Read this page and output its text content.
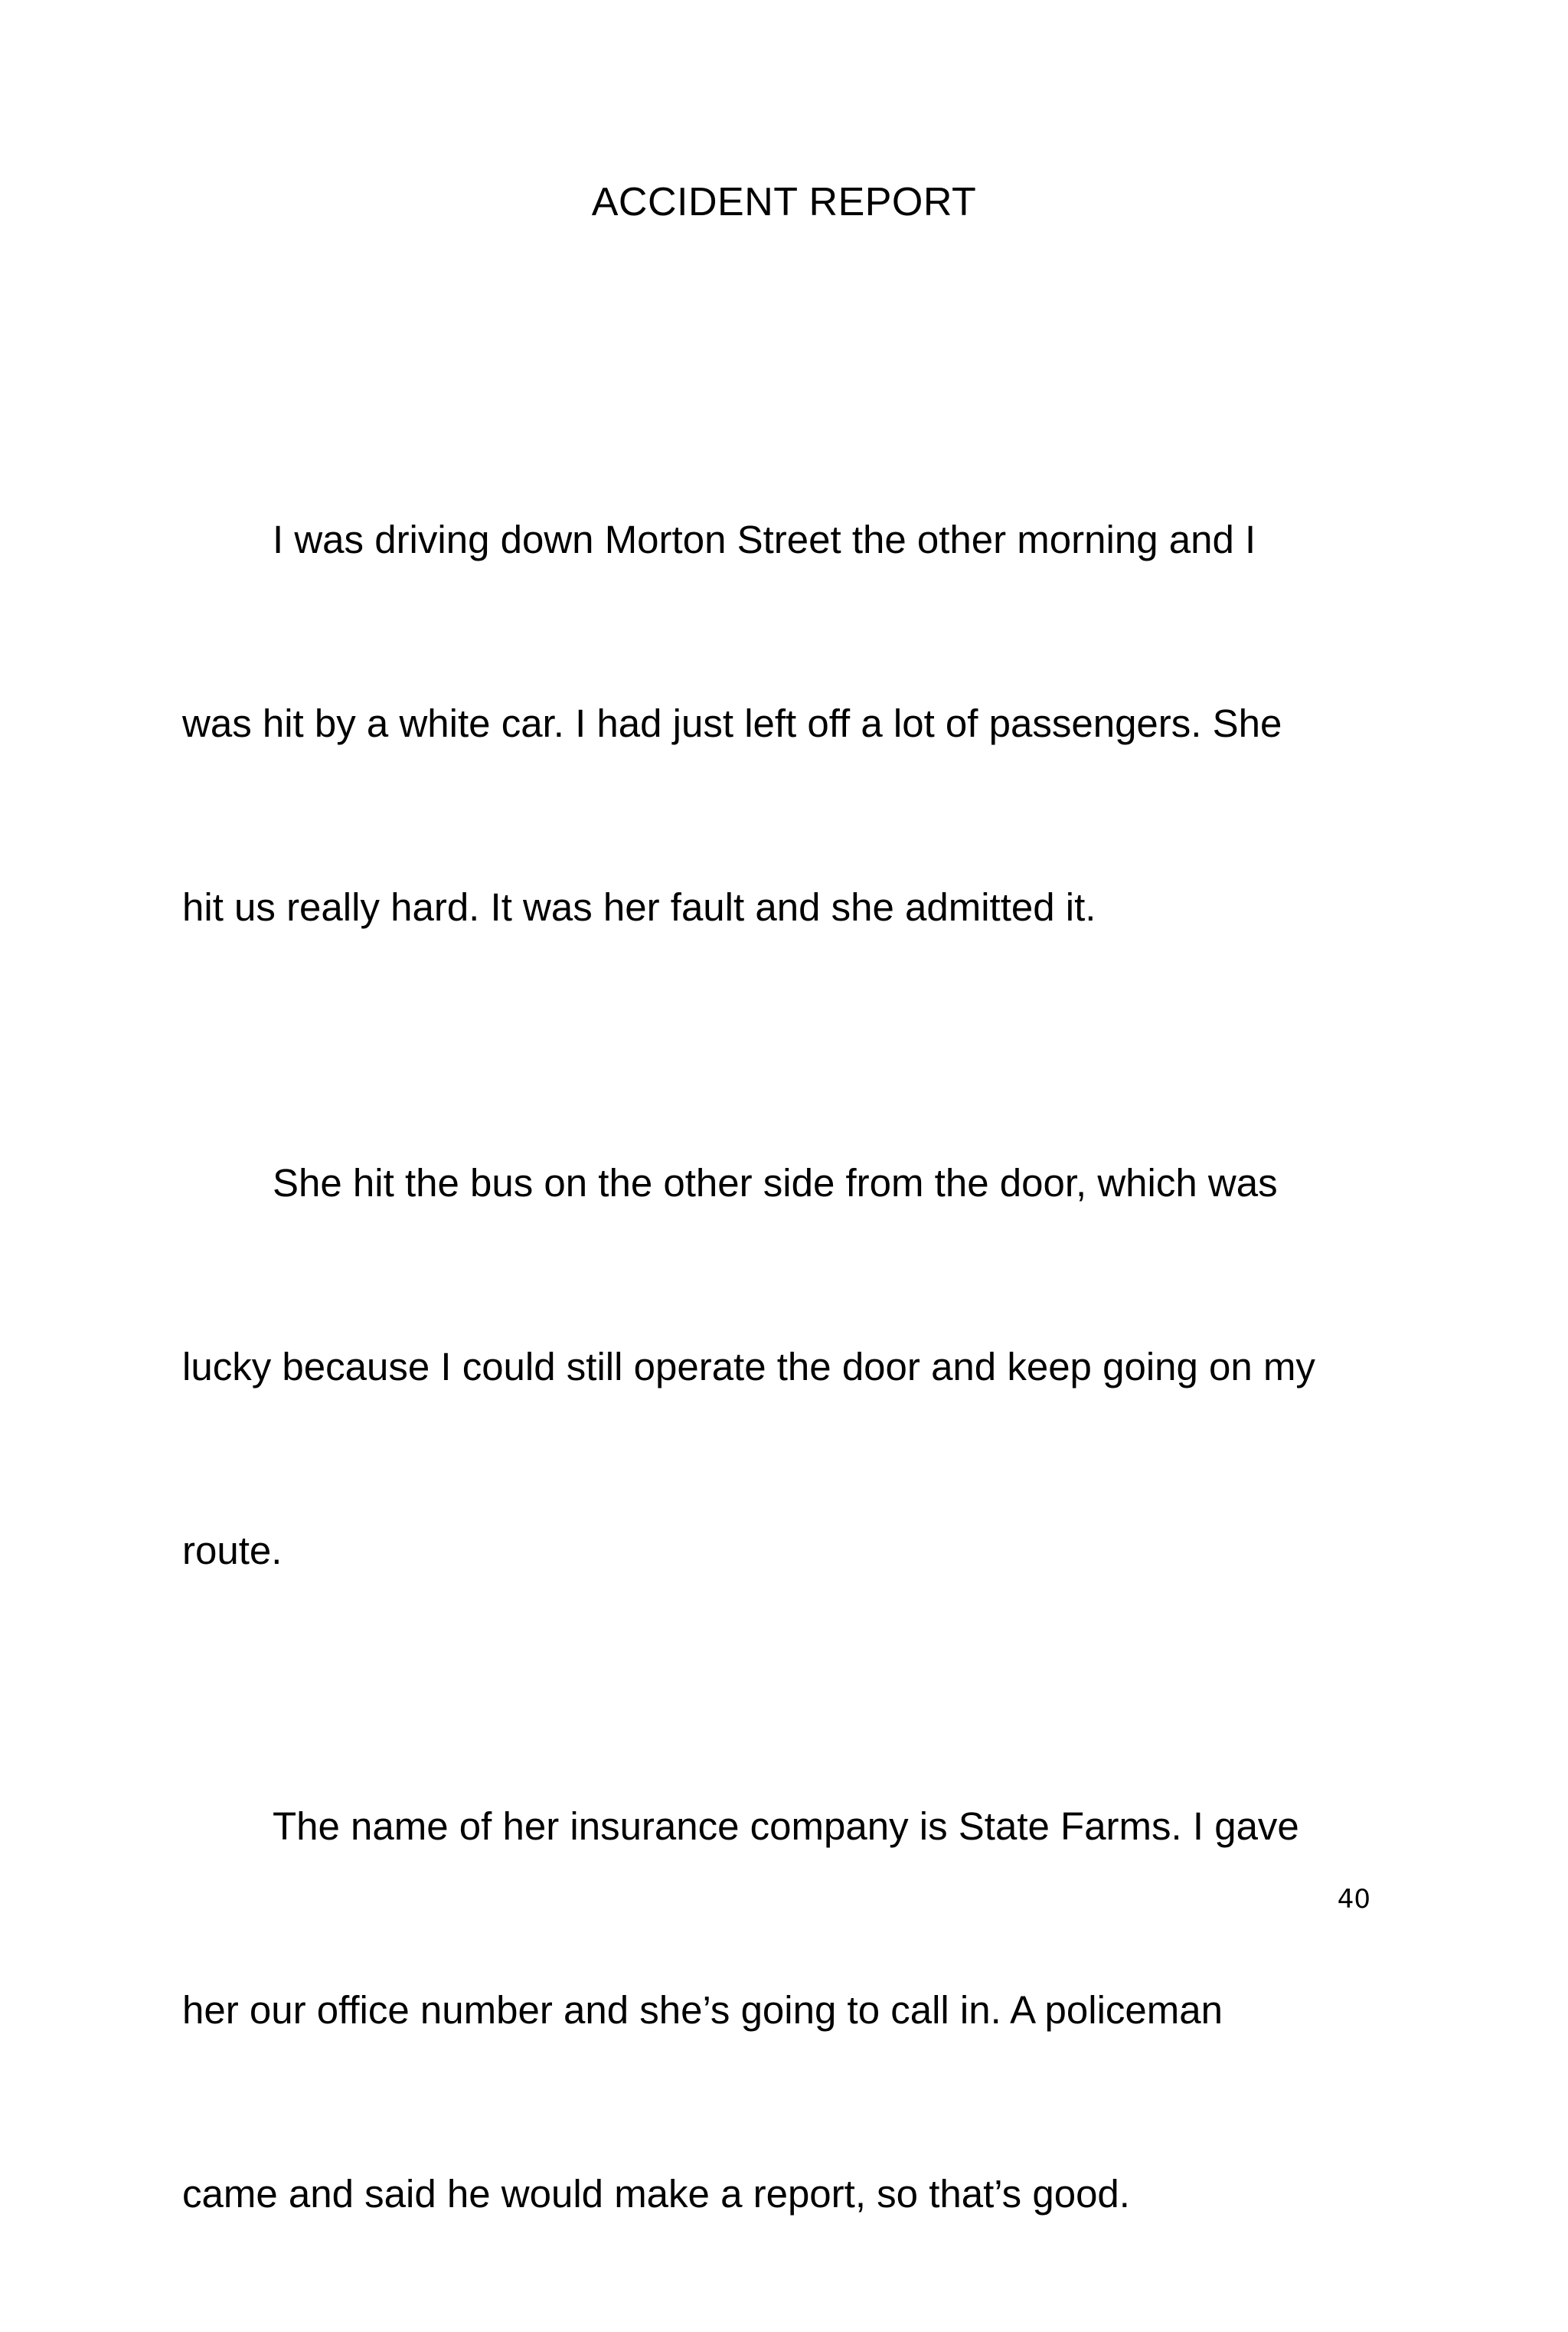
ACCIDENT REPORT

I was driving down Morton Street the other morning and I

was hit by a white car. I had just left off a lot of passengers. She

hit us really hard. It was her fault and she admitted it.

She hit the bus on the other side from the door, which was

lucky because I could still operate the door and keep going on my

route.

The name of her insurance company is State Farms. I gave

her our office number and she’s going to call in. A policeman

came and said he would make a report, so that’s good.

40
